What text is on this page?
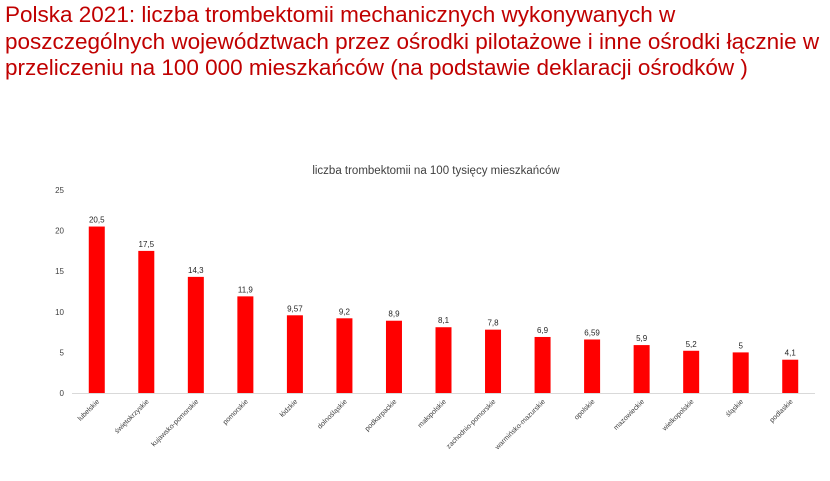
Polska 2021: liczba trombektomii mechanicznych wykonywanych w poszczególnych województwach przez ośrodki pilotażowe i inne ośrodki łącznie w przeliczeniu na 100 000 mieszkańców (na podstawie deklaracji ośrodków )
liczba trombektomii na 100 tysięcy mieszkańców
0
5
10
15
20
25
20,5
17,5
14,3
11,9
9,57	9,2	8,9
8,1	7,8
6,9	6,59
5,9
5,2	5
4,1
lubelskie świętokrzyskie kujawsko-pomorskie	pomorskie	łódzkie dolnośląskie podkarpackie	małopolskie
zachodnio-pomorskie
warmińsko-mazurskie	opolskie mazowieckie wielkopolskie	śląskie	podlaskie
